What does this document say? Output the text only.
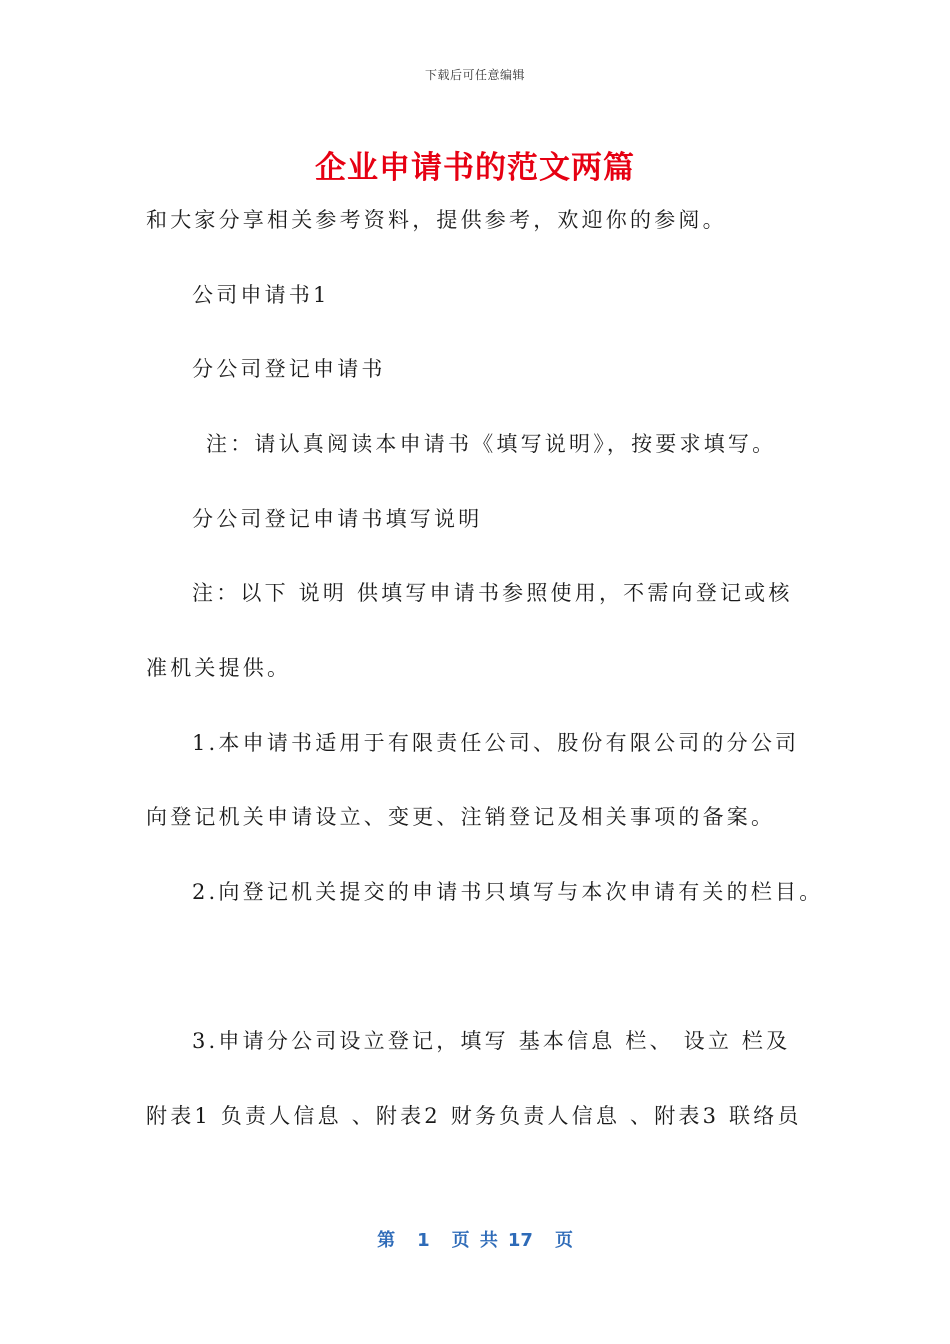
下载后可任意编辑
企业申请书的范文两篇
和大家分享相关参考资料，提供参考，欢迎你的参阅。
公司申请书1
分公司登记申请书
注：请认真阅读本申请书《填写说明》，按要求填写。
分公司登记申请书填写说明
注：以下 说明 供填写申请书参照使用，不需向登记或核
准机关提供。
1.本申请书适用于有限责任公司、股份有限公司的分公司
向登记机关申请设立、变更、注销登记及相关事项的备案。
2.向登记机关提交的申请书只填写与本次申请有关的栏目。
3.申请分公司设立登记，填写 基本信息 栏、 设立 栏及
附表1 负责人信息 、附表2 财务负责人信息 、附表3 联络员
第 1 页 共 17 页
